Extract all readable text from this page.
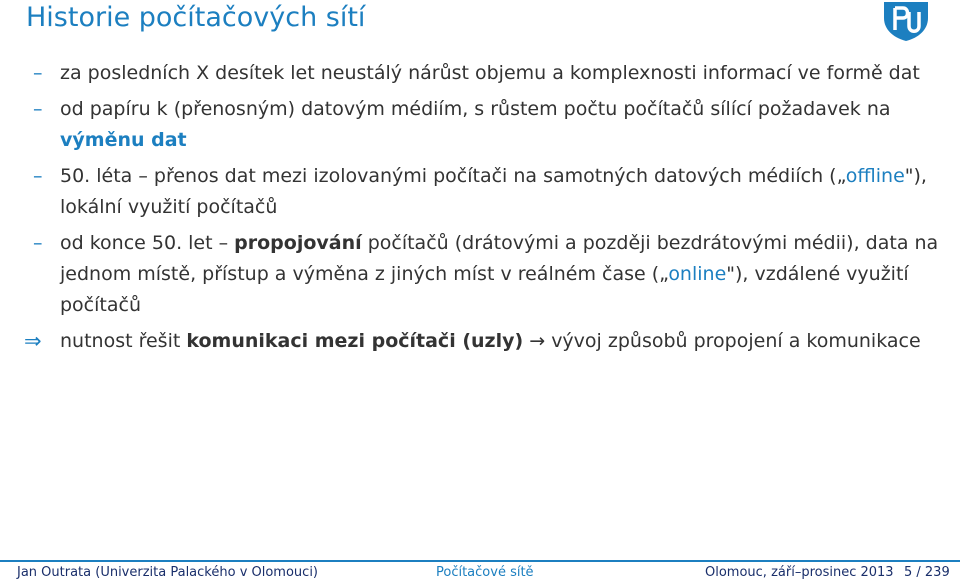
Historie počítačových sítí
– za posledních X desítek let neustálý nárůst objemu a komplexnosti informací ve formě dat
– od papíru k (přenosným) datovým médiím, s růstem počtu počítačů sílící požadavek na výměnu dat
– 50. léta – přenos dat mezi izolovanými počítači na samotných datových médiích („offline"), lokální využití počítačů
– od konce 50. let – propojování počítačů (drátovými a později bezdrátovými médii), data na jednom místě, přístup a výměna z jiných míst v reálném čase („online"), vzdálené využití počítačů
⇒ nutnost řešit komunikaci mezi počítači (uzly) → vývoj způsobů propojení a komunikace
Jan Outrata (Univerzita Palackého v Olomouci)	Počítačové sítě	Olomouc, září–prosinec 2013 5 / 239
